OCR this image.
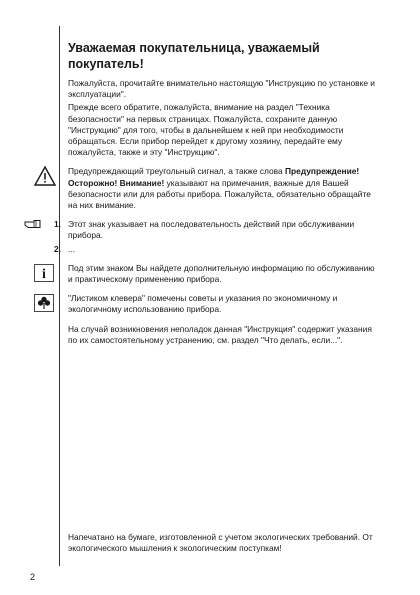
Уважаемая покупательница, уважаемый покупатель!

Пожалуйста, прочитайте внимательно настоящую "Инструкцию по установке и эксплуатации".

Прежде всего обратите, пожалуйста, внимание на раздел "Техника безопасности" на первых страницах. Пожалуйста, сохраните данную "Инструкцию" для того, чтобы в дальнейшем к ней при необходимости обращаться. Если прибор перейдет к другому хозяину, передайте ему пожалуйста, также и эту "Инструкцию".

Предупреждающий треугольный сигнал, а также слова Предупреждение! Осторожно! Внимание! указывают на примечания, важные для Вашей безопасности или для работы прибора. Пожалуйста, обязательно обращайте на них внимание.

1. Этот знак указывает на последовательность действий при обслуживании прибора.

2. ...

i	Под этим знаком Вы найдете дополнительную информацию по обслуживанию и практическому применению прибора.

"Листиком клевера" помечены советы и указания по экономичному и экологичному использованию прибора.

На случай возникновения неполадок данная "Инструкция" содержит указания по их самостоятельному устранению, см. раздел "Что делать, если...".

Напечатано на бумаге, изготовленной с учетом экологических требований. От экологического мышления к экологическим поступкам!
2
